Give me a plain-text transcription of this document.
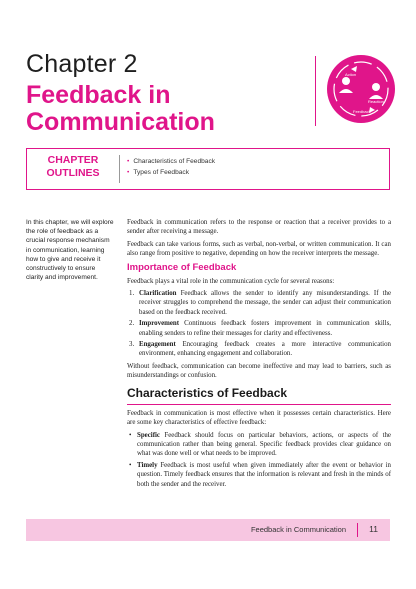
Chapter 2
Feedback in Communication
Action
Reaction
Feedback
CHAPTER OUTLINES
• Characteristics of Feedback
• Types of Feedback
In this chapter, we will explore the role of feedback as a crucial response mechanism in communication, learning how to give and receive it constructively to ensure clarity and improvement.

Feedback in communication refers to the response or reaction that a receiver provides to a sender after receiving a message.

Feedback can take various forms, such as verbal, non-verbal, or written communication. It can also range from positive to negative, depending on how the receiver interprets the message.

Importance of Feedback

Feedback plays a vital role in the communication cycle for several reasons:

1. Clarification Feedback allows the sender to identify any misunderstandings. If the receiver struggles to comprehend the message, the sender can adjust their communication based on the feedback received.
2. Improvement Continuous feedback fosters improvement in communication skills, enabling senders to refine their messages for clarity and effectiveness.
3. Engagement Encouraging feedback creates a more interactive communication environment, enhancing engagement and collaboration.

Without feedback, communication can become ineffective and may lead to barriers, such as misunderstandings or confusion.

Characteristics of Feedback

Feedback in communication is most effective when it possesses certain characteristics. Here are some key characteristics of effective feedback:

• Specific Feedback should focus on particular behaviors, actions, or aspects of the communication rather than being general. Specific feedback provides clear guidance on what was done well or what needs to be improved.
• Timely Feedback is most useful when given immediately after the event or behavior in question. Timely feedback ensures that the information is relevant and fresh in the minds of both the sender and the receiver.
Feedback in Communication	11
